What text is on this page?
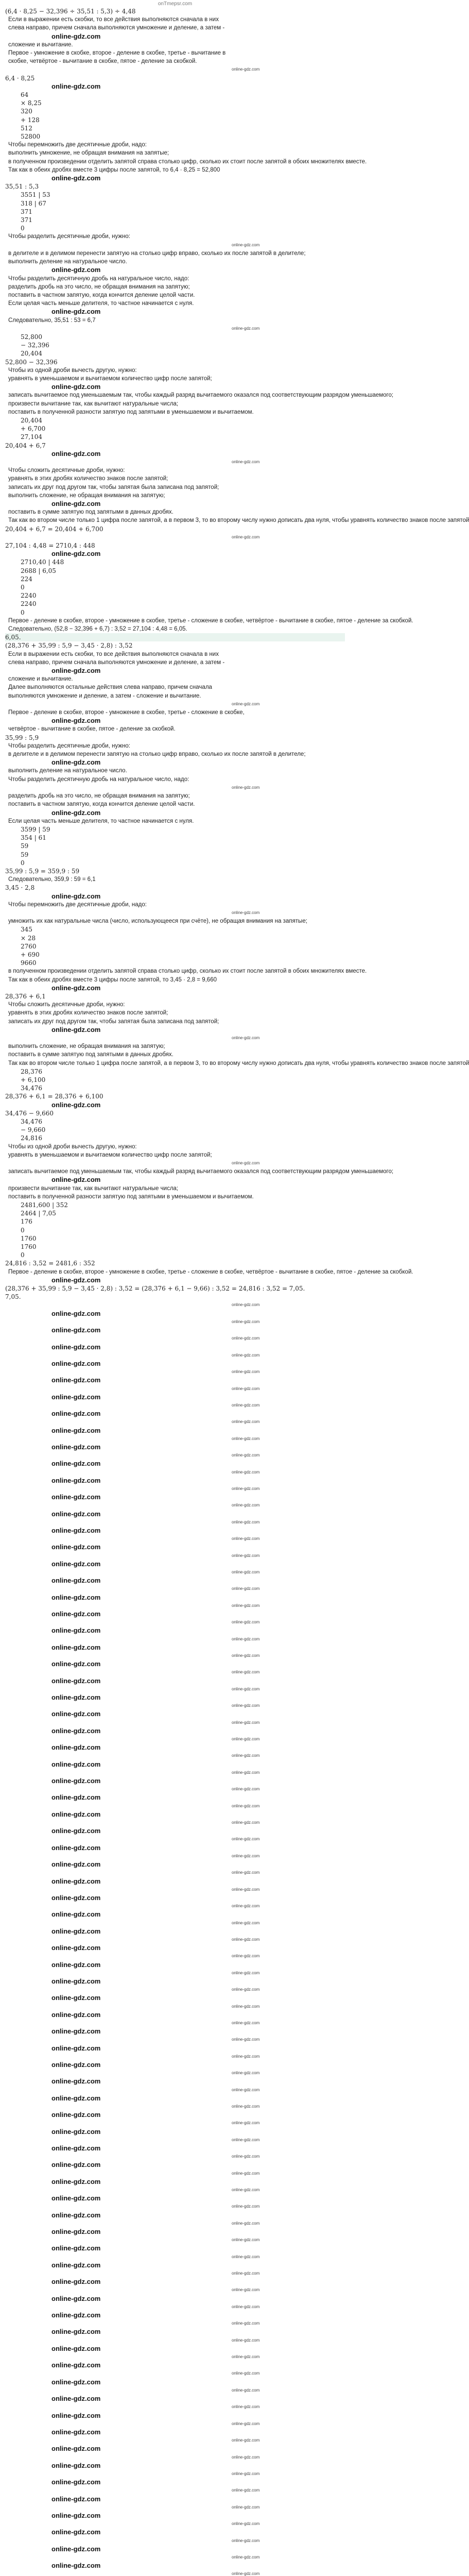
onTmepsr.com
(6,4 · 8,25 − 32,396 ÷ 35,51 : 5,3) ÷ 4,48
Если в выражении есть скобки, то все действия выполняются сначала в них
слева направо, причем сначала выполняются умножение и деление, а затем -
online-gdz.com
сложение и вычитание.
Первое - умножение в скобке, второе - деление в скобке, третье - вычитание в
скобке, четвёртое - вычитание в скобке, пятое - деление за скобкой.
online-gdz.com
6,4 · 8,25
online-gdz.com
64
× 8,25
320
+ 128
512
52800
Чтобы перемножить две десятичные дроби, надо:
выполнить умножение, не обращая внимания на запятые;
в полученном произведении отделить запятой справа столько цифр, сколько их стоит после запятой в обоих множителях вместе.
Так как в обеих дробях вместе 3 цифры после запятой, то 6,4 · 8,25 = 52,800
online-gdz.com
35,51 : 5,3
3551 | 53
318 | 67
371
371
0
Чтобы разделить десятичные дроби, нужно:
online-gdz.com
в делителе и в делимом перенести запятую на столько цифр вправо, сколько их после запятой в делителе;
выполнить деление на натуральное число.
online-gdz.com
Чтобы разделить десятичную дробь на натуральное число, надо:
разделить дробь на это число, не обращая внимания на запятую;
поставить в частном запятую, когда кончится деление целой части.
Если целая часть меньше делителя, то частное начинается с нуля.
online-gdz.com
Следовательно, 35,51 : 53 = 6,7
online-gdz.com
52,800
− 32,396
20,404
52,800 − 32,396
Чтобы из одной дроби вычесть другую, нужно:
уравнять в уменьшаемом и вычитаемом количество цифр после запятой;
online-gdz.com
записать вычитаемое под уменьшаемым так, чтобы каждый разряд вычитаемого оказался под соответствующим разрядом уменьшаемого;
произвести вычитание так, как вычитают натуральные числа;
поставить в полученной разности запятую под запятыми в уменьшаемом и вычитаемом.
20,404
+ 6,700
27,104
20,404 + 6,7
online-gdz.com
online-gdz.com
Чтобы сложить десятичные дроби, нужно:
уравнять в этих дробях количество знаков после запятой;
записать их друг под другом так, чтобы запятая была записана под запятой;
выполнить сложение, не обращая внимания на запятую;
online-gdz.com
поставить в сумме запятую под запятыми в данных дробях.
Так как во втором числе только 1 цифра после запятой, а в первом 3, то во второму числу нужно дописать два нуля, чтобы уравнять количество знаков после запятой
20,404 + 6,7 = 20,404 + 6,700
online-gdz.com
27,104 : 4,48 = 2710,4 : 448
online-gdz.com
2710,40 | 448
2688 | 6,05
224
0
2240
2240
0
Первое - деление в скобке, второе - умножение в скобке, третье - сложение в скобке, четвёртое - вычитание в скобке, пятое - деление за скобкой.
Следовательно, (52,8 − 32,396 + 6,7) : 3,52 = 27,104 : 4,48 = 6,05.
6,05.
(28,376 + 35,99 : 5,9 − 3,45 · 2,8) : 3,52
Если в выражении есть скобки, то все действия выполняются сначала в них
слева направо, причем сначала выполняются умножение и деление, а затем -
online-gdz.com
сложение и вычитание.
Далее выполняются остальные действия слева направо, причем сначала
выполняются умножение и деление, а затем - сложение и вычитание.
online-gdz.com
Первое - деление в скобке, второе - умножение в скобке, третье - сложение в скобке,
online-gdz.com
четвёртое - вычитание в скобке, пятое - деление за скобкой.
35,99 : 5,9
Чтобы разделить десятичные дроби, нужно:
в делителе и в делимом перенести запятую на столько цифр вправо, сколько их после запятой в делителе;
online-gdz.com
выполнить деление на натуральное число.
Чтобы разделить десятичную дробь на натуральное число, надо:
online-gdz.com
разделить дробь на это число, не обращая внимания на запятую;
поставить в частном запятую, когда кончится деление целой части.
online-gdz.com
Если целая часть меньше делителя, то частное начинается с нуля.
3599 | 59
354 | 61
59
59
0
35,99 : 5,9 = 359,9 : 59
Следовательно, 359,9 : 59 = 6,1
3,45 · 2,8
online-gdz.com
Чтобы перемножить две десятичные дроби, надо:
online-gdz.com
умножить их как натуральные числа (число, использующееся при счёте), не обращая внимания на запятые;
345
× 28
2760
+ 690
9660
в полученном произведении отделить запятой справа столько цифр, сколько их стоит после запятой в обоих множителях вместе.
Так как в обеих дробях вместе 3 цифры после запятой, то 3,45 · 2,8 = 9,660
online-gdz.com
28,376 + 6,1
Чтобы сложить десятичные дроби, нужно:
уравнять в этих дробях количество знаков после запятой;
записать их друг под другом так, чтобы запятая была записана под запятой;
online-gdz.com
online-gdz.com
выполнить сложение, не обращая внимания на запятую;
поставить в сумме запятую под запятыми в данных дробях.
Так как во втором числе только 1 цифра после запятой, а в первом 3, то во второму числу нужно дописать два нуля, чтобы уравнять количество знаков после запятой
28,376
+ 6,100
34,476
28,376 + 6,1 = 28,376 + 6,100
online-gdz.com
34,476 − 9,660
34,476
− 9,660
24,816
Чтобы из одной дроби вычесть другую, нужно:
уравнять в уменьшаемом и вычитаемом количество цифр после запятой;
online-gdz.com
записать вычитаемое под уменьшаемым так, чтобы каждый разряд вычитаемого оказался под соответствующим разрядом уменьшаемого;
online-gdz.com
произвести вычитание так, как вычитают натуральные числа;
поставить в полученной разности запятую под запятыми в уменьшаемом и вычитаемом.
2481,600 | 352
2464 | 7,05
176
0
1760
1760
0
24,816 : 3,52 = 2481,6 : 352
Первое - деление в скобке, второе - умножение в скобке, третье - сложение в скобке, четвёртое - вычитание в скобке, пятое - деление за скобкой.
online-gdz.com
(28,376 + 35,99 : 5,9 − 3,45 · 2,8) : 3,52 = (28,376 + 6,1 − 9,66) : 3,52 = 24,816 : 3,52 = 7,05.
7,05.
online-gdz.com
online-gdz.com
online-gdz.com
online-gdz.com
online-gdz.com
online-gdz.com
online-gdz.com
online-gdz.com
online-gdz.com
online-gdz.com
online-gdz.com
online-gdz.com
online-gdz.com
online-gdz.com
online-gdz.com
online-gdz.com
online-gdz.com
online-gdz.com
online-gdz.com
online-gdz.com
online-gdz.com
online-gdz.com
online-gdz.com
online-gdz.com
online-gdz.com
online-gdz.com
online-gdz.com
online-gdz.com
online-gdz.com
online-gdz.com
online-gdz.com
online-gdz.com
online-gdz.com
online-gdz.com
online-gdz.com
online-gdz.com
online-gdz.com
online-gdz.com
online-gdz.com
online-gdz.com
online-gdz.com
online-gdz.com
online-gdz.com
online-gdz.com
online-gdz.com
online-gdz.com
online-gdz.com
online-gdz.com
online-gdz.com
online-gdz.com
online-gdz.com
online-gdz.com
online-gdz.com
online-gdz.com
online-gdz.com
online-gdz.com
online-gdz.com
online-gdz.com
online-gdz.com
online-gdz.com
online-gdz.com
online-gdz.com
online-gdz.com
online-gdz.com
online-gdz.com
online-gdz.com
online-gdz.com
online-gdz.com
online-gdz.com
online-gdz.com
online-gdz.com
online-gdz.com
online-gdz.com
online-gdz.com
online-gdz.com
online-gdz.com
online-gdz.com
online-gdz.com
online-gdz.com
online-gdz.com
online-gdz.com
online-gdz.com
online-gdz.com
online-gdz.com
online-gdz.com
online-gdz.com
online-gdz.com
online-gdz.com
online-gdz.com
online-gdz.com
online-gdz.com
online-gdz.com
online-gdz.com
online-gdz.com
online-gdz.com
online-gdz.com
online-gdz.com
online-gdz.com
online-gdz.com
online-gdz.com
online-gdz.com
online-gdz.com
online-gdz.com
online-gdz.com
online-gdz.com
online-gdz.com
online-gdz.com
online-gdz.com
online-gdz.com
online-gdz.com
online-gdz.com
online-gdz.com
online-gdz.com
online-gdz.com
online-gdz.com
online-gdz.com
online-gdz.com
online-gdz.com
online-gdz.com
online-gdz.com
online-gdz.com
online-gdz.com
online-gdz.com
online-gdz.com
online-gdz.com
online-gdz.com
online-gdz.com
online-gdz.com
online-gdz.com
online-gdz.com
online-gdz.com
online-gdz.com
online-gdz.com
online-gdz.com
online-gdz.com
online-gdz.com
online-gdz.com
online-gdz.com
online-gdz.com
online-gdz.com
online-gdz.com
online-gdz.com
online-gdz.com
online-gdz.com
online-gdz.com
online-gdz.com
online-gdz.com
online-gdz.com
online-gdz.com
online-gdz.com
online-gdz.com
online-gdz.com
online-gdz.com
